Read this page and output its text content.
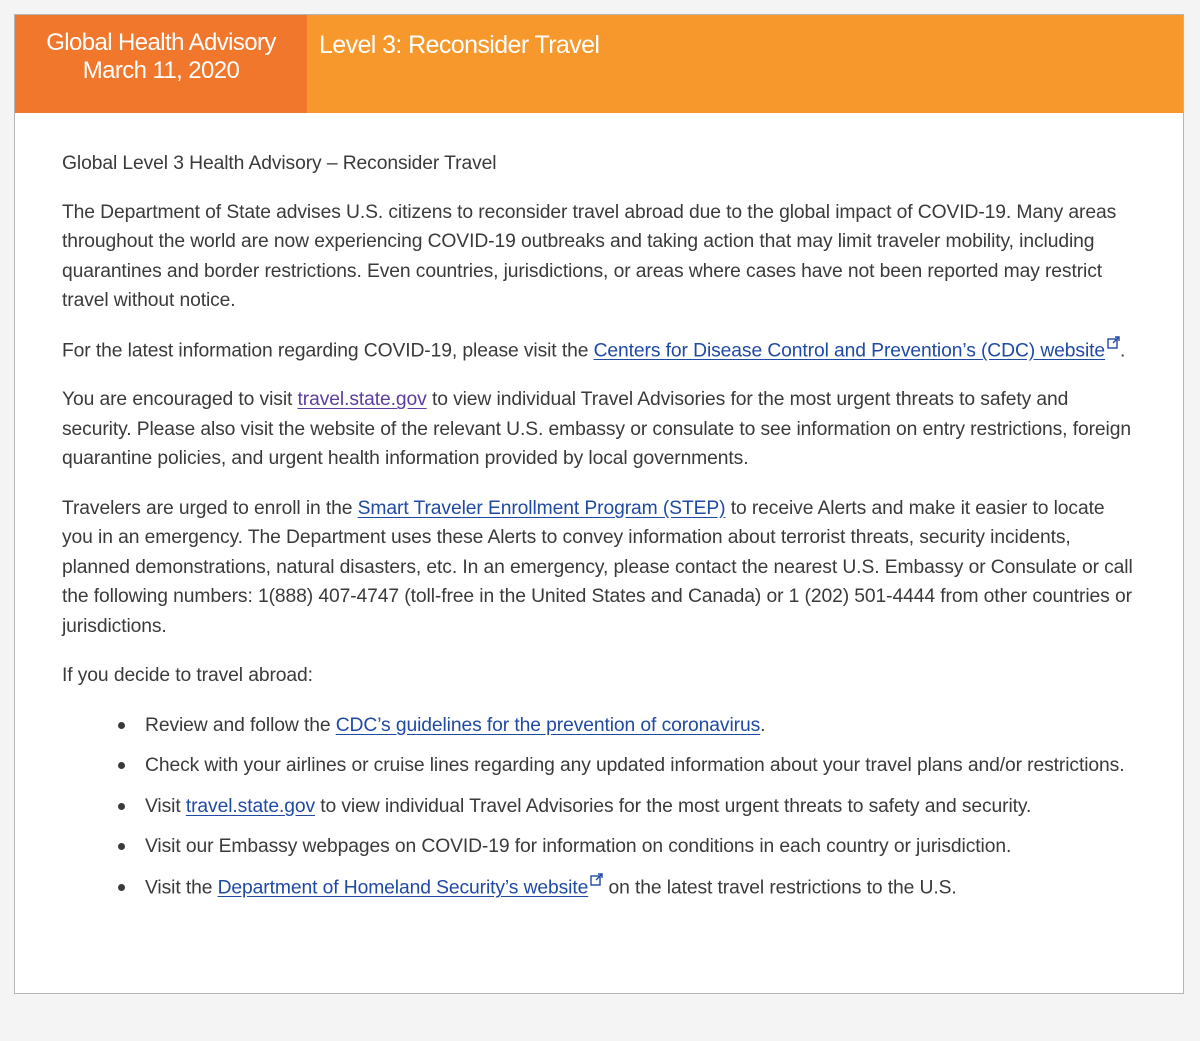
Global Health Advisory
March 11, 2020
Level 3: Reconsider Travel

Global Level 3 Health Advisory – Reconsider Travel

The Department of State advises U.S. citizens to reconsider travel abroad due to the global impact of COVID-19. Many areas throughout the world are now experiencing COVID-19 outbreaks and taking action that may limit traveler mobility, including quarantines and border restrictions. Even countries, jurisdictions, or areas where cases have not been reported may restrict travel without notice.

For the latest information regarding COVID-19, please visit the Centers for Disease Control and Prevention’s (CDC) website .

You are encouraged to visit travel.state.gov to view individual Travel Advisories for the most urgent threats to safety and security. Please also visit the website of the relevant U.S. embassy or consulate to see information on entry restrictions, foreign quarantine policies, and urgent health information provided by local governments.

Travelers are urged to enroll in the Smart Traveler Enrollment Program (STEP) to receive Alerts and make it easier to locate you in an emergency. The Department uses these Alerts to convey information about terrorist threats, security incidents, planned demonstrations, natural disasters, etc. In an emergency, please contact the nearest U.S. Embassy or Consulate or call the following numbers: 1(888) 407-4747 (toll-free in the United States and Canada) or 1 (202) 501-4444 from other countries or jurisdictions.

If you decide to travel abroad:

Review and follow the CDC’s guidelines for the prevention of coronavirus.
Check with your airlines or cruise lines regarding any updated information about your travel plans and/or restrictions.
Visit travel.state.gov to view individual Travel Advisories for the most urgent threats to safety and security.
Visit our Embassy webpages on COVID-19 for information on conditions in each country or jurisdiction.
Visit the Department of Homeland Security’s website on the latest travel restrictions to the U.S.
